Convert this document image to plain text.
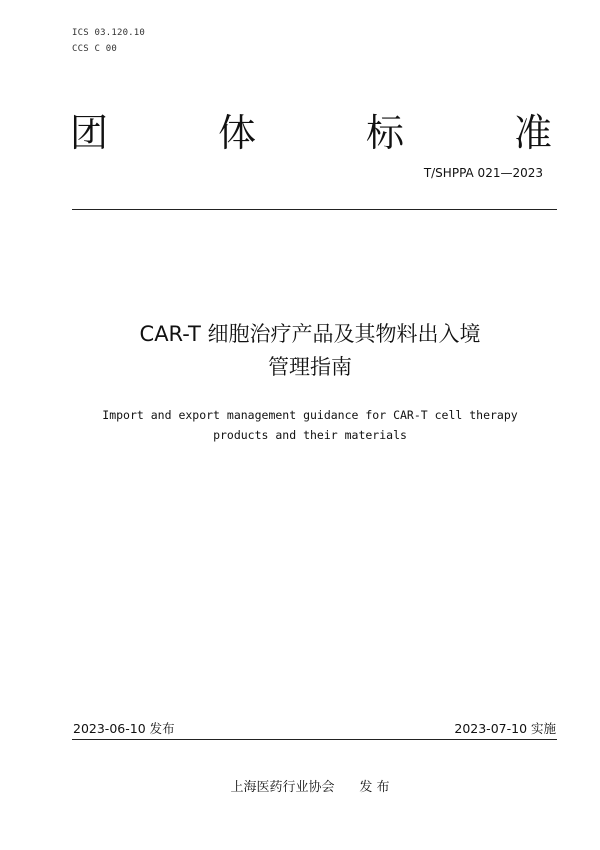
ICS 03.120.10
CCS C 00
团	体	标	准
T/SHPPA 021—2023
CAR-T 细胞治疗产品及其物料出入境
管理指南
Import and export management guidance for CAR-T cell therapy
products and their materials
2023-06-10 发布	2023-07-10 实施
上海医药行业协会 发 布
